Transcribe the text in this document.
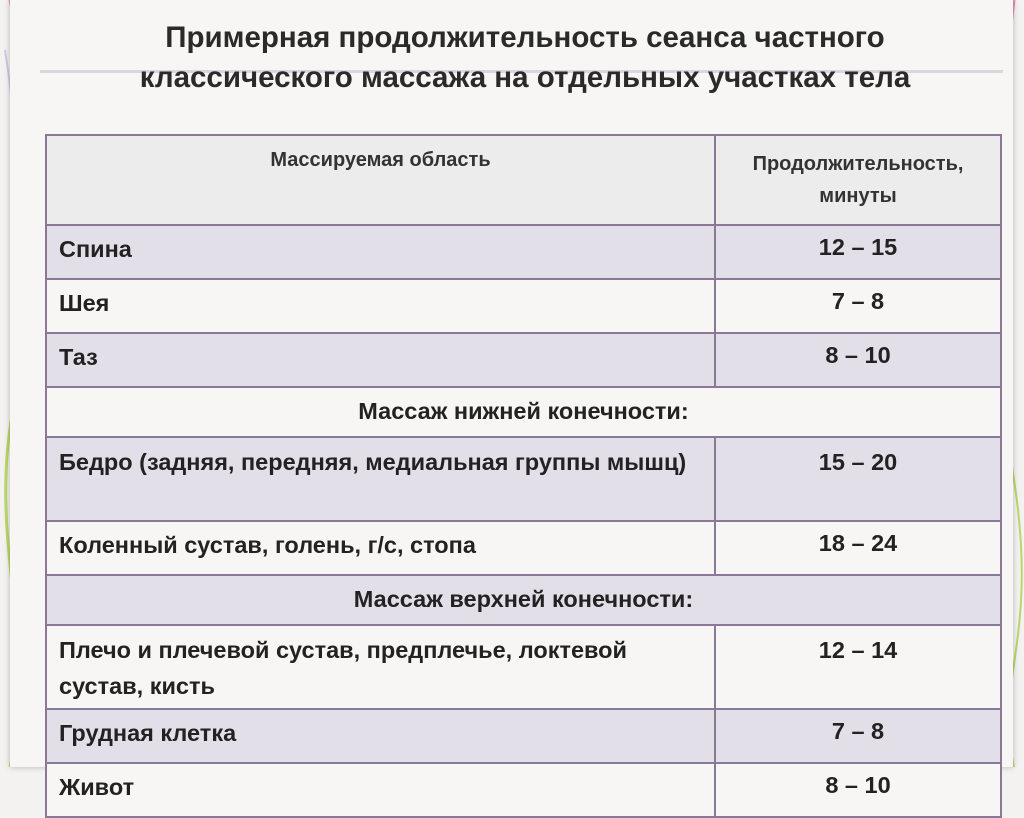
Примерная продолжительность сеанса частного классического массажа на отдельных участках тела
Массируемая область	Продолжительность, минуты
Спина	12 – 15
Шея	7 – 8
Таз	8 – 10
Массаж нижней конечности:	
Бедро (задняя, передняя, медиальная группы мышц)	15 – 20
Коленный сустав, голень, г/с, стопа	18 – 24
Массаж верхней конечности:	
Плечо и плечевой сустав, предплечье, локтевой сустав, кисть	12 – 14
Грудная клетка	7 – 8
Живот	8 – 10
